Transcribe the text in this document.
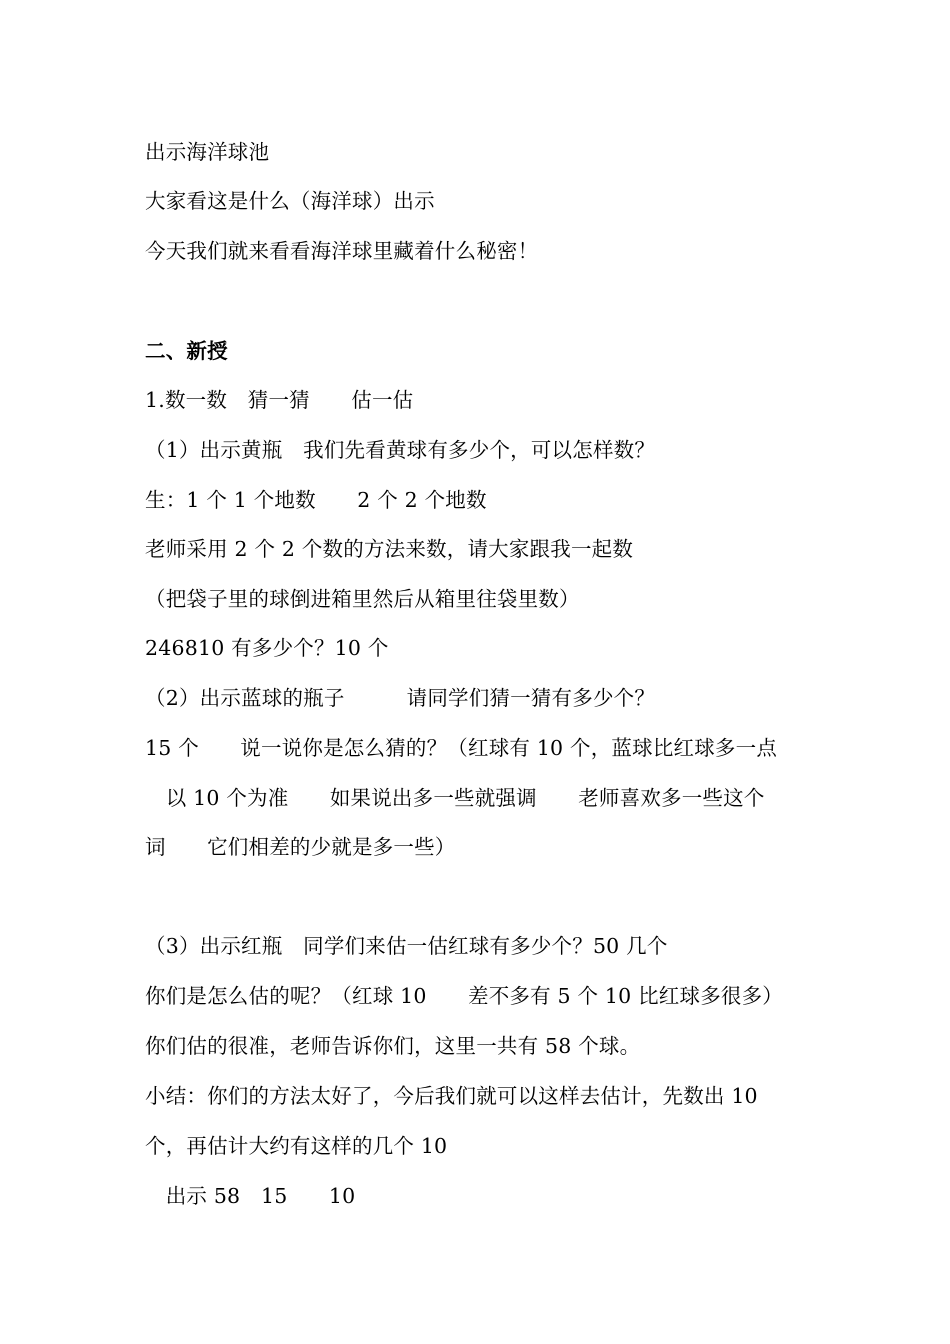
出示海洋球池
大家看这是什么（海洋球）出示
今天我们就来看看海洋球里藏着什么秘密！
二、新授
1.数一数　猜一猜　　估一估
（1）出示黄瓶　我们先看黄球有多少个，可以怎样数？
生：1 个 1 个地数　　2 个 2 个地数
老师采用 2 个 2 个数的方法来数，请大家跟我一起数
（把袋子里的球倒进箱里然后从箱里往袋里数）
246810 有多少个？10 个
（2）出示蓝球的瓶子　　　请同学们猜一猜有多少个？
15 个　　说一说你是怎么猜的？（红球有 10 个，蓝球比红球多一点
　以 10 个为准　　如果说出多一些就强调　　老师喜欢多一些这个
词　　它们相差的少就是多一些）
（3）出示红瓶　同学们来估一估红球有多少个？50 几个
你们是怎么估的呢？（红球 10　　差不多有 5 个 10 比红球多很多）
你们估的很准，老师告诉你们，这里一共有 58 个球。
小结：你们的方法太好了，今后我们就可以这样去估计，先数出 10
个，再估计大约有这样的几个 10
　出示 58　15　　10
